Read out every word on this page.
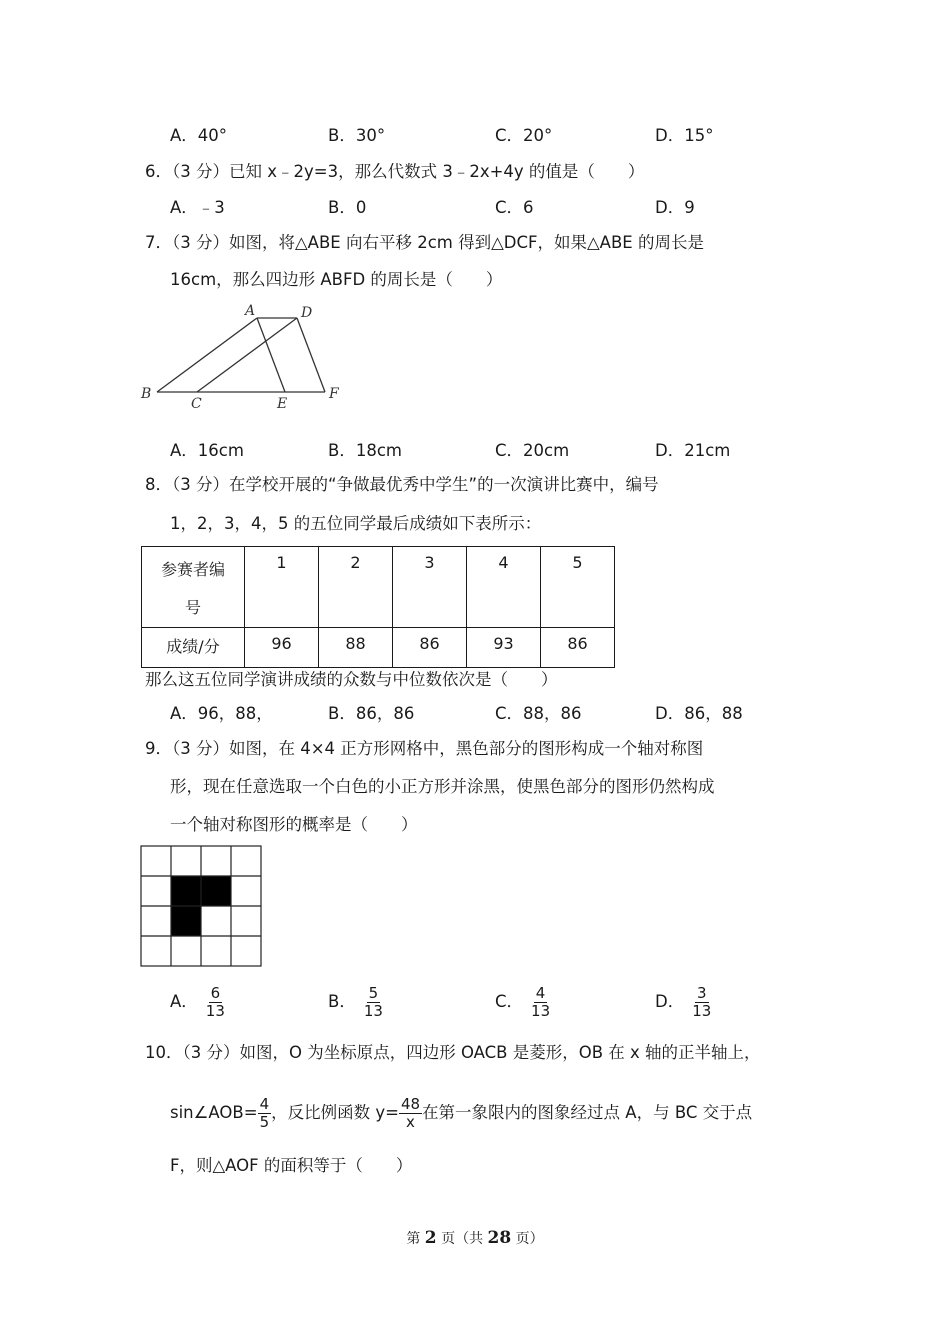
A．40°	B．30°	C．20°	D．15°
6．（3 分）已知 x﹣2y=3，那么代数式 3﹣2x+4y 的值是（　　）
A．﹣3	B．0	C．6	D．9
7．（3 分）如图，将△ABE 向右平移 2cm 得到△DCF，如果△ABE 的周长是
16cm，那么四边形 ABFD 的周长是（　　）
A	D
B
C	E
F
A．16cm	B．18cm	C．20cm	D．21cm
8．（3 分）在学校开展的“争做最优秀中学生”的一次演讲比赛中，编号
1，2，3，4，5 的五位同学最后成绩如下表所示：
参赛者编
号	1	2	3	4	5
成绩/分	96	88	86	93	86
那么这五位同学演讲成绩的众数与中位数依次是（　　）
A．96，88，	B．86，86	C．88，86	D．86，88
9．（3 分）如图，在 4×4 正方形网格中，黑色部分的图形构成一个轴对称图
形，现在任意选取一个白色的小正方形并涂黑，使黑色部分的图形仍然构成
一个轴对称图形的概率是（　　）
A． $\frac{6}{13}$	B． $\frac{5}{13}$	C． $\frac{4}{13}$	D． $\frac{3}{13}$
10．（3 分）如图，O 为坐标原点，四边形 OACB 是菱形，OB 在 x 轴的正半轴上，
sin∠AOB= $\frac{4}{5}$ ，反比例函数 $y= \frac{48}{x}$ 在第一象限内的图象经过点 A，与 BC 交于点
F，则△AOF 的面积等于（　　）
第 2 页（共 28 页）
